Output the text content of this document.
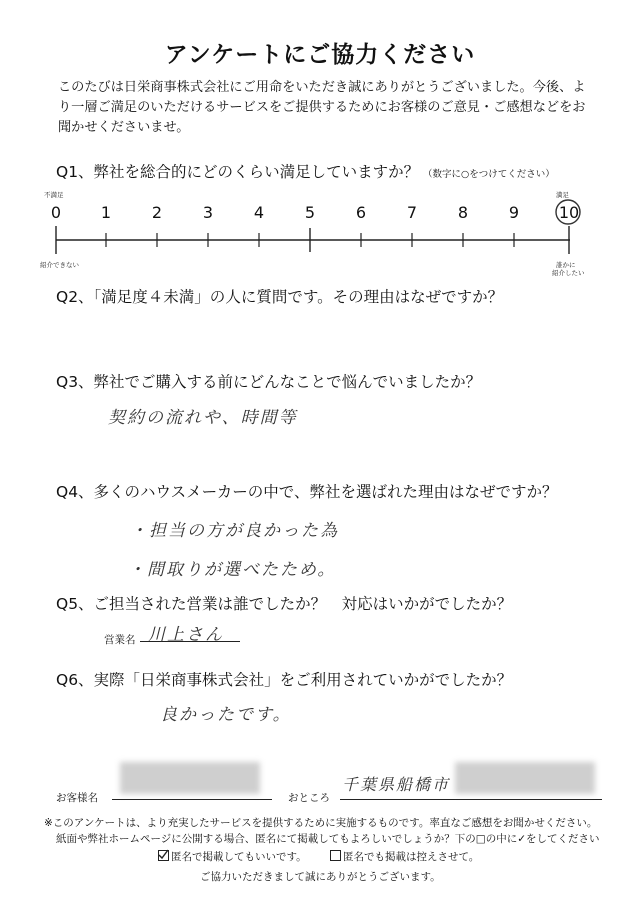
アンケートにご協力ください
このたびは日栄商事株式会社にご用命をいただき誠にありがとうございました。今後、より一層ご満足のいただけるサービスをご提供するためにお客様のご意見・ご感想などをお聞かせくださいませ。
Q1、弊社を総合的にどのくらい満足していますか？ （数字に○をつけてください）
不満足	満足
0	1	2	3	4	5	6	7	8	9	10
紹介できない	誰かに
紹介したい
Q2、「満足度４未満」の人に質問です。その理由はなぜですか？
Q3、弊社でご購入する前にどんなことで悩んでいましたか？
契約の流れや、時間等
Q4、多くのハウスメーカーの中で、弊社を選ばれた理由はなぜですか？
・担当の方が良かった為
・間取りが選べたため。
Q5、ご担当された営業は誰でしたか？　対応はいかがでしたか？
営業名 川上さん
Q6、実際「日栄商事株式会社」をご利用されていかがでしたか？
良かったです。
お客様名	おところ
千葉県船橋市
※このアンケートは、より充実したサービスを提供するために実施するものです。率直なご感想をお聞かせください。
紙面や弊社ホームページに公開する場合、匿名にて掲載してもよろしいでしょうか？下の□の中に✓をしてください
匿名で掲載してもいいです。	匿名でも掲載は控えさせて。
ご協力いただきまして誠にありがとうございます。
